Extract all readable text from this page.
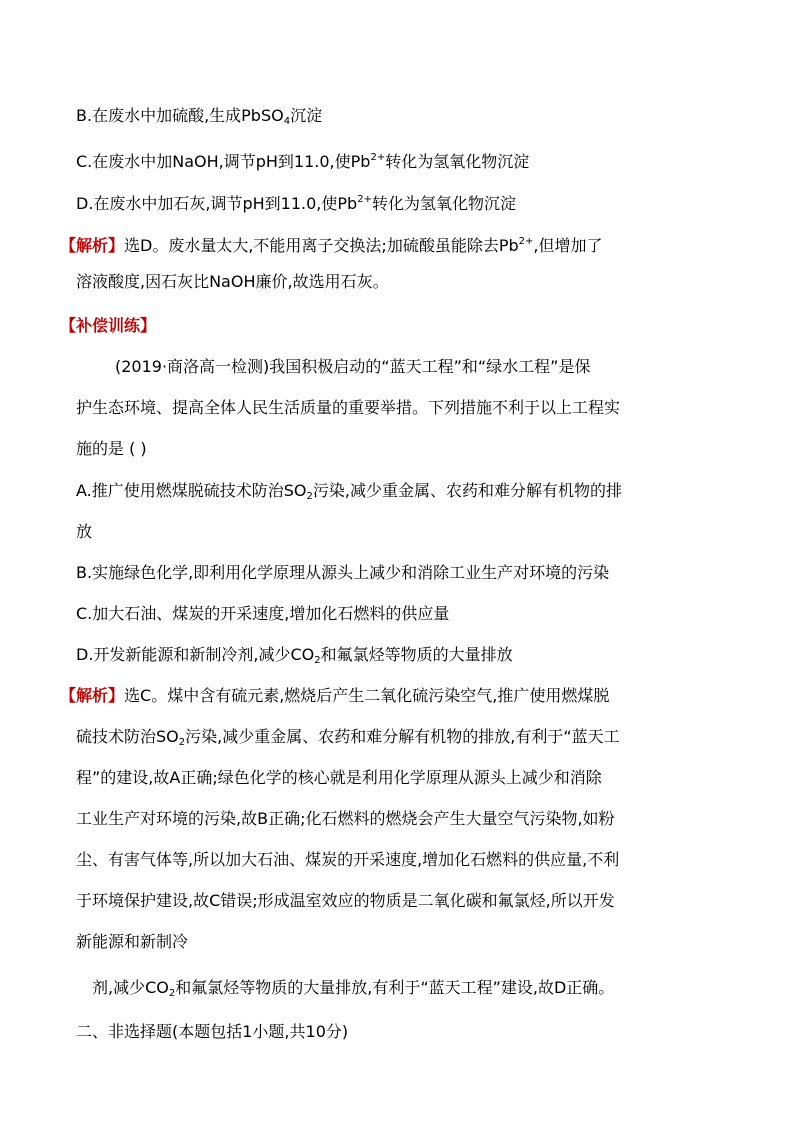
B.在废水中加硫酸,生成PbSO$_4$沉淀
C.在废水中加NaOH,调节pH到11.0,使$Pb^{2+}$转化为氢氧化物沉淀
D.在废水中加石灰,调节pH到11.0,使$Pb^{2+}$转化为氢氧化物沉淀
【解析】选D。废水量太大,不能用离子交换法;加硫酸虽能除去$Pb^{2+}$,但增加了
溶液酸度,因石灰比NaOH廉价,故选用石灰。
【补偿训练】
(2019·商洛高一检测)我国积极启动的“蓝天工程”和“绿水工程”是保
护生态环境、提高全体人民生活质量的重要举措。下列措施不利于以上工程实
施的是 ( )
A.推广使用燃煤脱硫技术防治$SO_2$污染,减少重金属、农药和难分解有机物的排
放
B.实施绿色化学,即利用化学原理从源头上减少和消除工业生产对环境的污染
C.加大石油、煤炭的开采速度,增加化石燃料的供应量
D.开发新能源和新制冷剂,减少$CO_2$和氟氯烃等物质的大量排放
【解析】选C。煤中含有硫元素,燃烧后产生二氧化硫污染空气,推广使用燃煤脱
硫技术防治$SO_2$污染,减少重金属、农药和难分解有机物的排放,有利于“蓝天工
程”的建设,故A正确;绿色化学的核心就是利用化学原理从源头上减少和消除
工业生产对环境的污染,故B正确;化石燃料的燃烧会产生大量空气污染物,如粉
尘、有害气体等,所以加大石油、煤炭的开采速度,增加化石燃料的供应量,不利
于环境保护建设,故C错误;形成温室效应的物质是二氧化碳和氟氯烃,所以开发
新能源和新制冷
剂,减少$CO_2$和氟氯烃等物质的大量排放,有利于“蓝天工程”建设,故D正确。
二、非选择题(本题包括1小题,共10分)
